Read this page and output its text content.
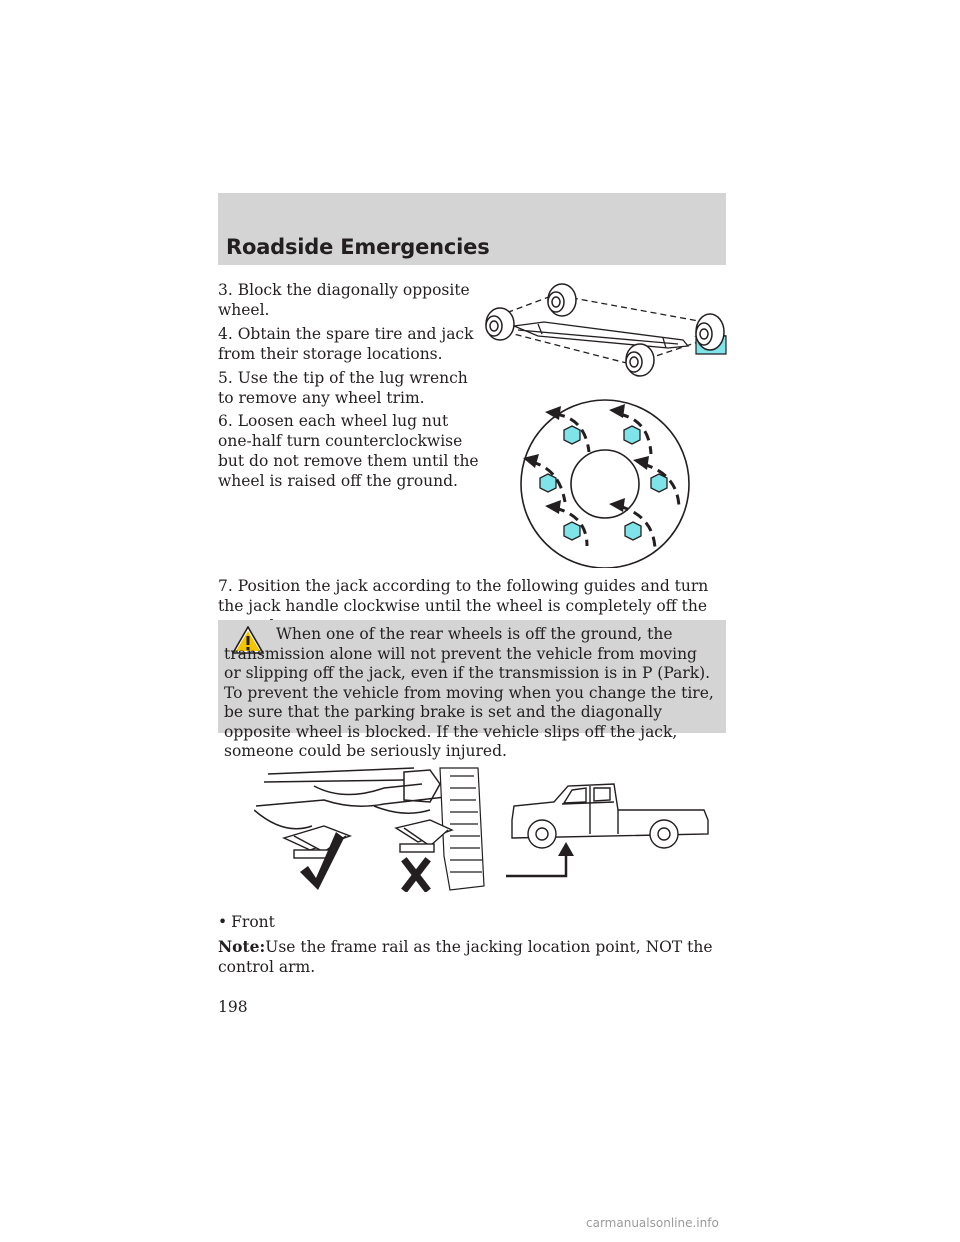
Roadside Emergencies

3. Block the diagonally opposite wheel.

4. Obtain the spare tire and jack from their storage locations.

5. Use the tip of the lug wrench to remove any wheel trim.

6. Loosen each wheel lug nut one-half turn counterclockwise but do not remove them until the wheel is raised off the ground.

7. Position the jack according to the following guides and turn the jack handle clockwise until the wheel is completely off the

When one of the rear wheels is off the ground, the transmission alone will not prevent the vehicle from moving or slipping off the jack, even if the transmission is in P (Park). To prevent the vehicle from moving when you change the tire, be sure that the parking brake is set and the diagonally opposite wheel is blocked. If the vehicle slips off the jack, someone could be seriously injured.

• Front

Note:Use the frame rail as the jacking location point, NOT the control arm.

198
carmanualsonline.info
